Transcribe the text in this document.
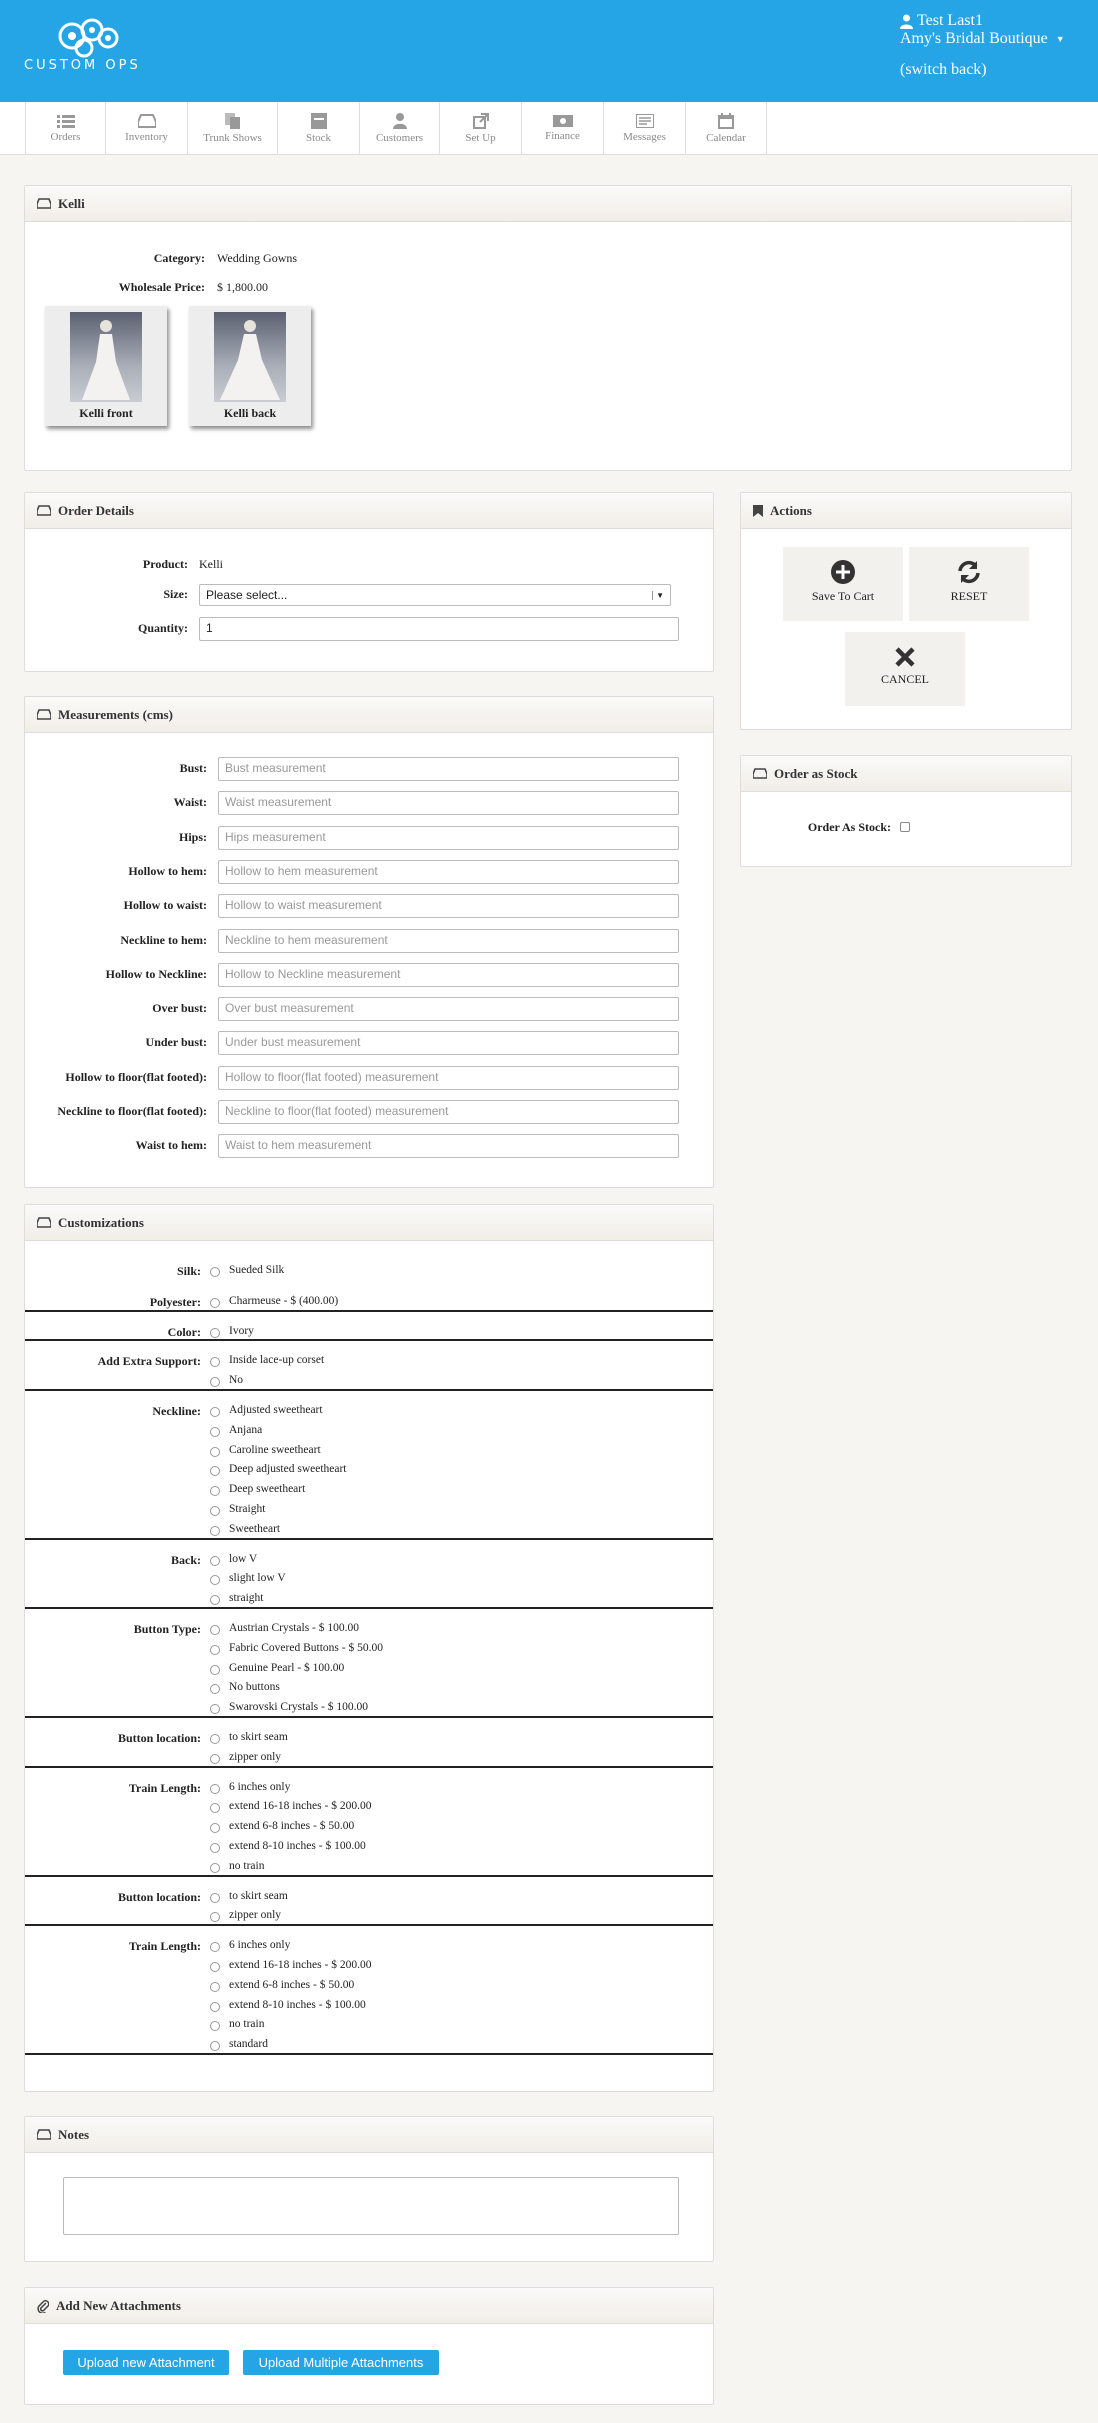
CUSTOM OPS
Test Last1
Amy's Bridal Boutique ▼
(switch back)
Orders	Inventory	Trunk Shows	Stock	Customers	Set Up	Finance	Messages	Calendar
Kelli
Category: Wedding Gowns
Wholesale Price: $ 1,800.00
Kelli front	Kelli back
Order Details
Product: Kelli
Size: Please select...	▼
Quantity:	1
Actions
Save To Cart	RESET
CANCEL
Order as Stock
Order As Stock:
Measurements (cms)
Bust:	Bust measurement
Waist:	Waist measurement
Hips:	Hips measurement
Hollow to hem:	Hollow to hem measurement
Hollow to waist:	Hollow to waist measurement
Neckline to hem:	Neckline to hem measurement
Hollow to Neckline:	Hollow to Neckline measurement
Over bust:	Over bust measurement
Under bust:	Under bust measurement
Hollow to floor(flat footed):	Hollow to floor(flat footed) measurement
Neckline to floor(flat footed):	Neckline to floor(flat footed) measurement
Waist to hem:	Waist to hem measurement
Customizations
Silk: Sueded Silk
Polyester: Charmeuse - $ (400.00)
Color: Ivory
Add Extra Support: Inside lace-up corset
No
Neckline: Adjusted sweetheart
Anjana
Caroline sweetheart
Deep adjusted sweetheart
Deep sweetheart
Straight
Sweetheart
Back: low V
slight low V
straight
Button Type: Austrian Crystals - $ 100.00
Fabric Covered Buttons - $ 50.00
Genuine Pearl - $ 100.00
No buttons
Swarovski Crystals - $ 100.00
Button location: to skirt seam
zipper only
Train Length: 6 inches only
extend 16-18 inches - $ 200.00
extend 6-8 inches - $ 50.00
extend 8-10 inches - $ 100.00
no train
Button location: to skirt seam
zipper only
Train Length: 6 inches only
extend 16-18 inches - $ 200.00
extend 6-8 inches - $ 50.00
extend 8-10 inches - $ 100.00
no train
standard
Notes
Add New Attachments
Upload new Attachment	Upload Multiple Attachments
